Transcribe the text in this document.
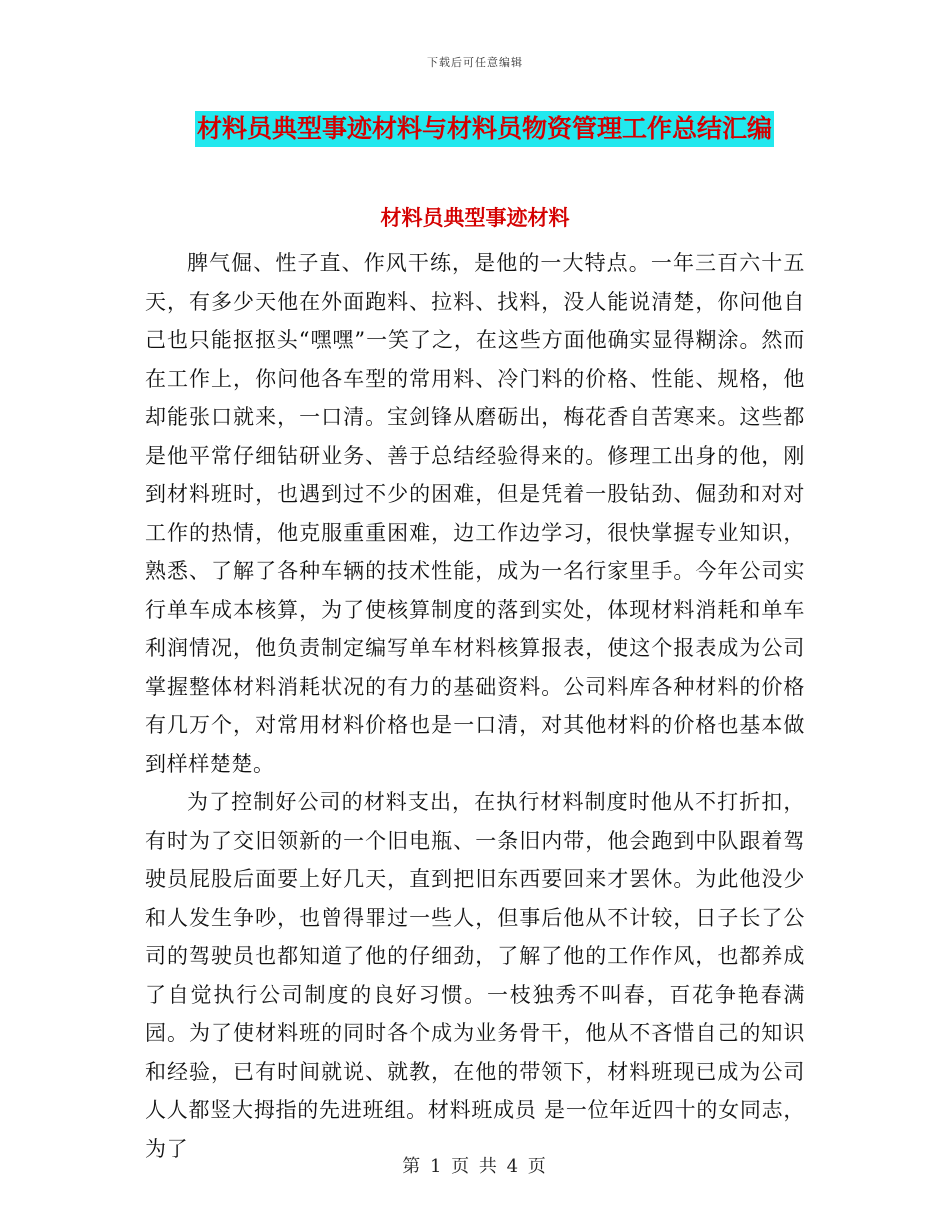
下载后可任意编辑
材料员典型事迹材料与材料员物资管理工作总结汇编
材料员典型事迹材料

脾气倔、性子直、作风干练，是他的一大特点。一年三百六十五天，有多少天他在外面跑料、拉料、找料，没人能说清楚，你问他自己也只能抠抠头“嘿嘿”一笑了之，在这些方面他确实显得糊涂。然而在工作上，你问他各车型的常用料、冷门料的价格、性能、规格，他却能张口就来，一口清。宝剑锋从磨砺出，梅花香自苦寒来。这些都是他平常仔细钻研业务、善于总结经验得来的。修理工出身的他，刚到材料班时，也遇到过不少的困难，但是凭着一股钻劲、倔劲和对对工作的热情，他克服重重困难，边工作边学习，很快掌握专业知识，熟悉、了解了各种车辆的技术性能，成为一名行家里手。今年公司实行单车成本核算，为了使核算制度的落到实处，体现材料消耗和单车利润情况，他负责制定编写单车材料核算报表，使这个报表成为公司掌握整体材料消耗状况的有力的基础资料。公司料库各种材料的价格有几万个，对常用材料价格也是一口清，对其他材料的价格也基本做到样样楚楚。

为了控制好公司的材料支出，在执行材料制度时他从不打折扣，有时为了交旧领新的一个旧电瓶、一条旧内带，他会跑到中队跟着驾驶员屁股后面要上好几天，直到把旧东西要回来才罢休。为此他没少和人发生争吵，也曾得罪过一些人，但事后他从不计较，日子长了公司的驾驶员也都知道了他的仔细劲，了解了他的工作作风，也都养成了自觉执行公司制度的良好习惯。一枝独秀不叫春，百花争艳春满园。为了使材料班的同时各个成为业务骨干，他从不吝惜自己的知识和经验，已有时间就说、就教，在他的带领下，材料班现已成为公司人人都竖大拇指的先进班组。材料班成员 是一位年近四十的女同志，为了

第 1 页 共 4 页
